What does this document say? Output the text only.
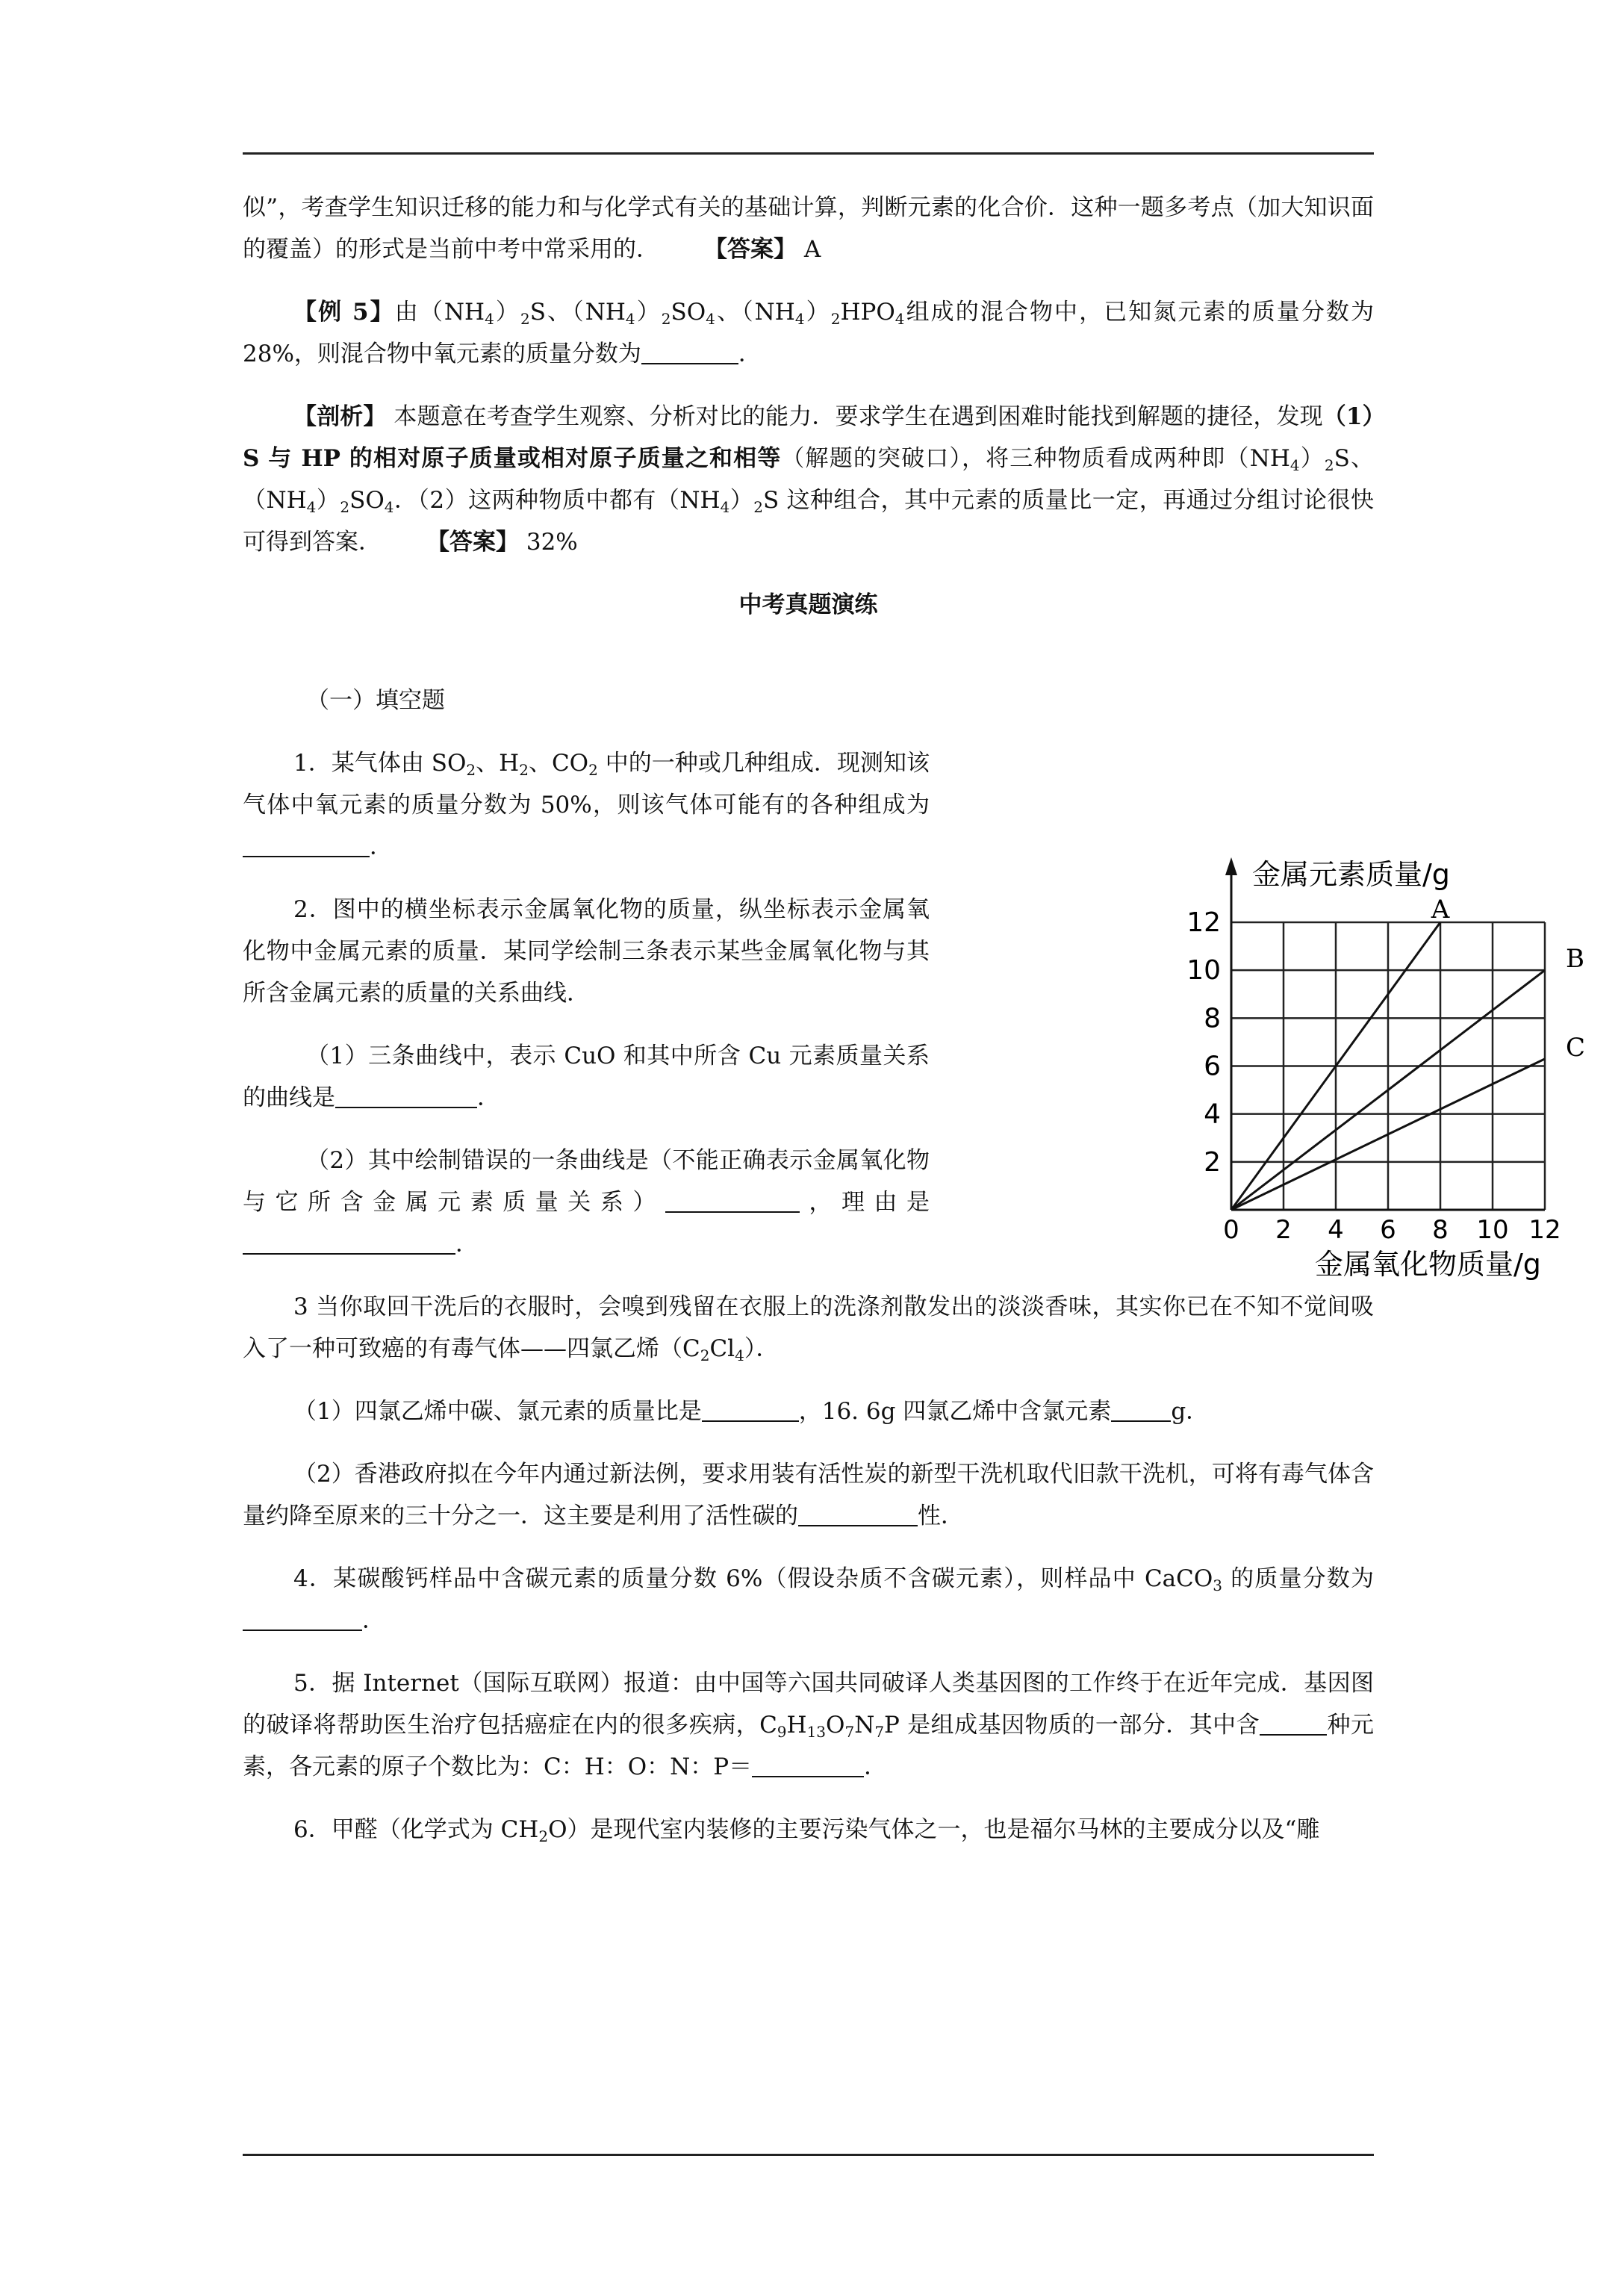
似”，考查学生知识迁移的能力和与化学式有关的基础计算，判断元素的化合价．这种一题多考点（加大知识面的覆盖）的形式是当前中考中常采用的． 【答案】 A

【例 5】由$(NH_4)_2S$、$(NH_4)_2SO_4$、$(NH_4)_2HPO_4$组成的混合物中，已知氮元素的质量分数为28%，则混合物中氧元素的质量分数为	．

【剖析】 本题意在考查学生观察、分析对比的能力．要求学生在遇到困难时能找到解题的捷径，发现（1）S 与 HP 的相对原子质量或相对原子质量之和相等（解题的突破口），将三种物质看成两种即$(NH_4)_2S$、$(NH_4)_2SO_4$．（2）这两种物质中都有$(NH_4)_2S$ 这种组合，其中元素的质量比一定，再通过分组讨论很快可得到答案． 【答案】 32%

中考真题演练

（一）填空题

1．某气体由 $SO_2$、$H_2$、$CO_2$ 中的一种或几种组成．现测知该气体中氧元素的质量分数为 50%，则该气体可能有的各种组成为．

2．图中的横坐标表示金属氧化物的质量，纵坐标表示金属氧化物中金属元素的质量．某同学绘制三条表示某些金属氧化物与其所含金属元素的质量的关系曲线．

（1）三条曲线中，表示 CuO 和其中所含 Cu 元素质量关系的曲线是	．

（2）其中绘制错误的一条曲线是（不能正确表示金属氧化物与它所含金属元素质量关系）	，理由是．

3 当你取回干洗后的衣服时，会嗅到残留在衣服上的洗涤剂散发出的淡淡香味，其实你已在不知不觉间吸入了一种可致癌的有毒气体——四氯乙烯$(C_2Cl_4)$．

（1）四氯乙烯中碳、氯元素的质量比是	，16. 6g 四氯乙烯中含氯元素	g．

（2）香港政府拟在今年内通过新法例，要求用装有活性炭的新型干洗机取代旧款干洗机，可将有毒气体含量约降至原来的三十分之一．这主要是利用了活性碳的	性．

4．某碳酸钙样品中含碳元素的质量分数 6%（假设杂质不含碳元素），则样品中 CaCO$_3$ 的质量分数为．

5．据 Internet（国际互联网）报道：由中国等六国共同破译人类基因图的工作终于在近年完成．基因图的破译将帮助医生治疗包括癌症在内的很多疾病，$C_9H_{13}O_7N_7P$ 是组成基因物质的一部分．其中含	种元素，各元素的原子个数比为：C：H：O：N：P＝	．

6．甲醛（化学式为 $CH_2O$）是现代室内装修的主要污染气体之一，也是福尔马林的主要成分以及“雕

2
4
6
8
10
12
0 2 4 6 8 10 12
A
B
C
金属元素质量/g
金属氧化物质量/g
